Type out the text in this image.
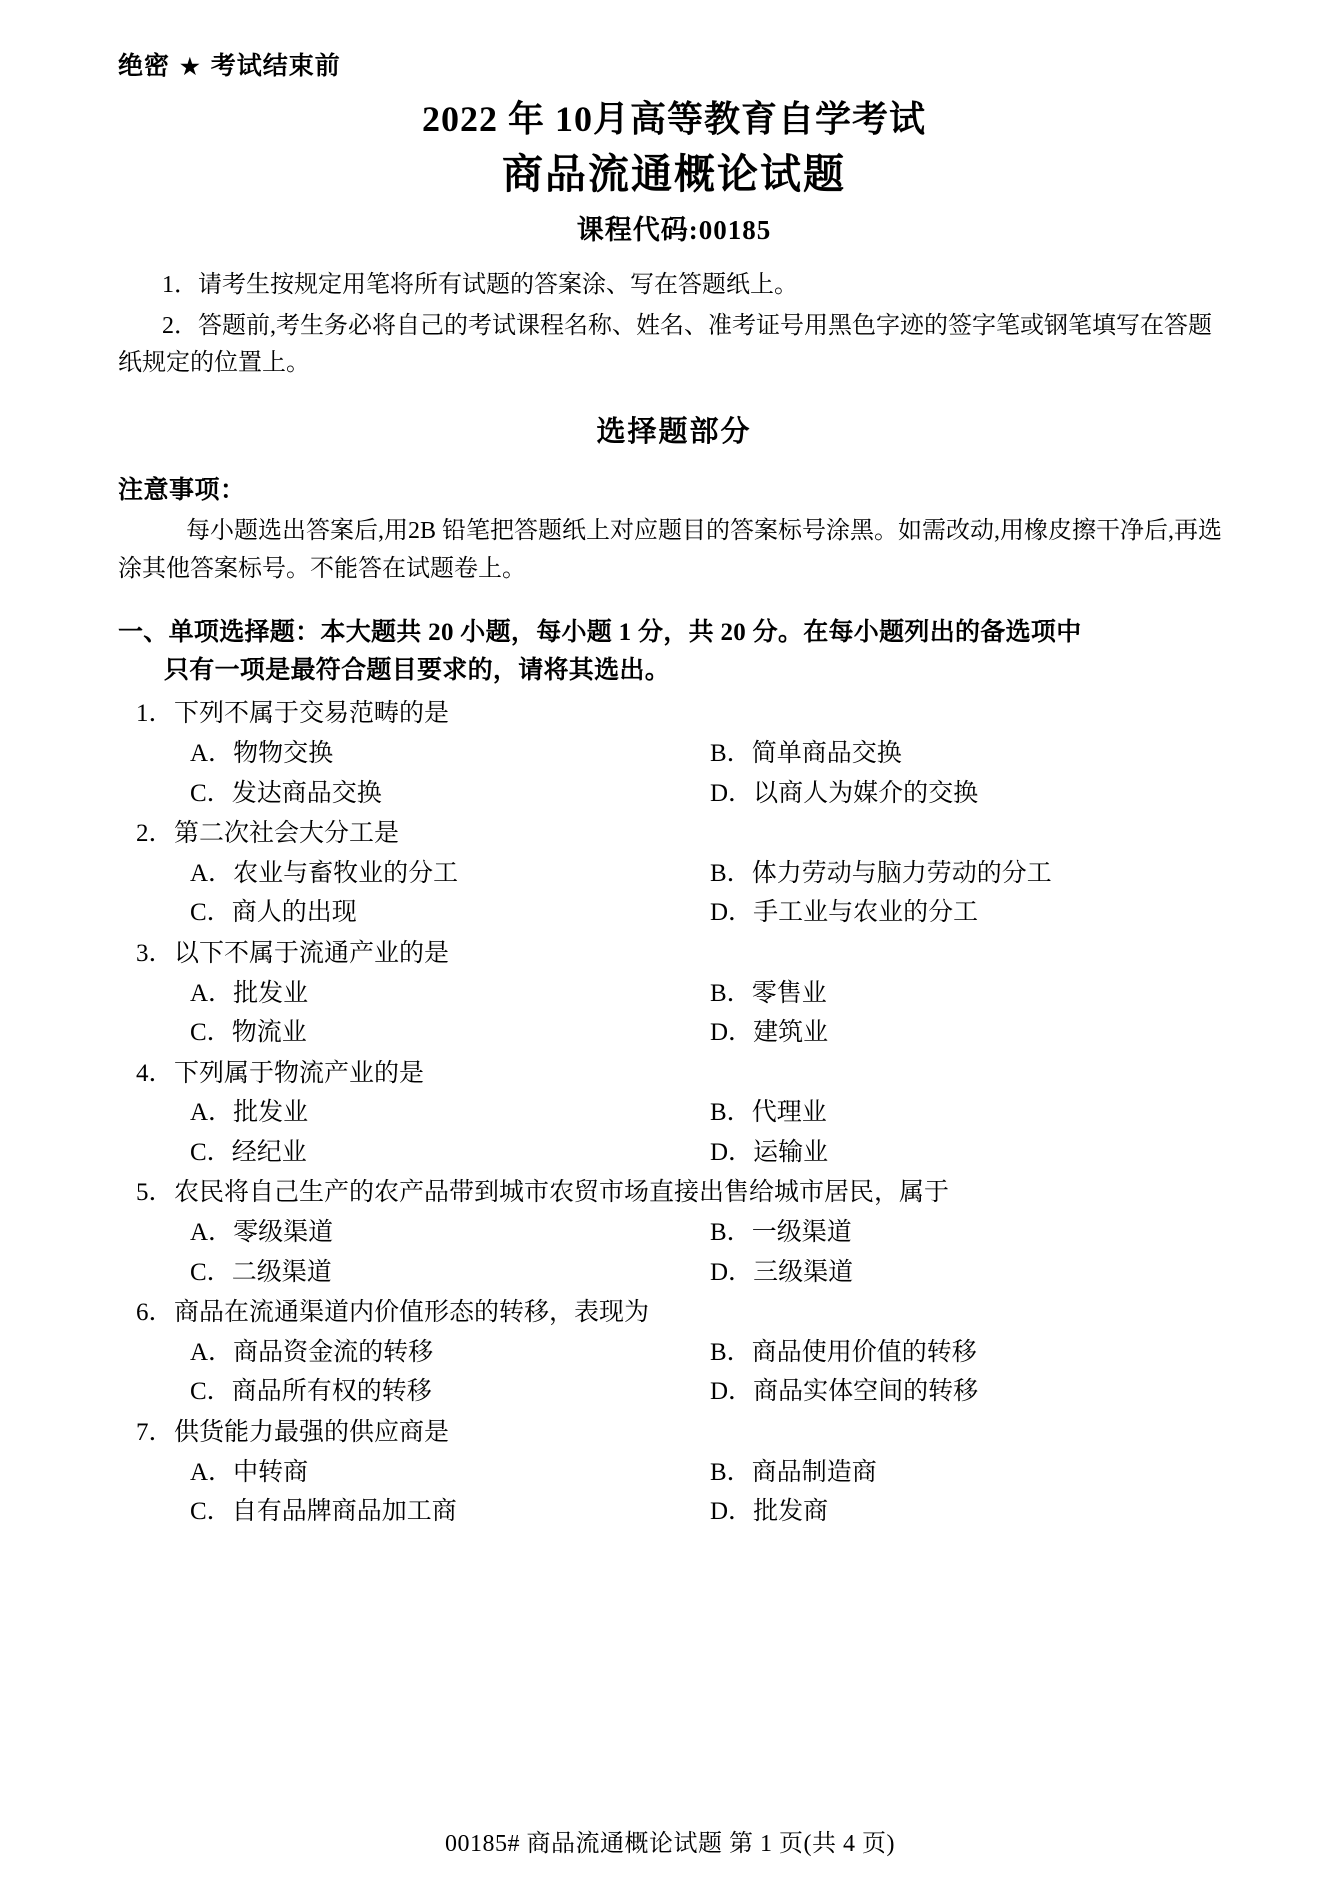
绝密 ★ 考试结束前
2022 年 10月高等教育自学考试
商品流通概论试题
课程代码:00185
1．请考生按规定用笔将所有试题的答案涂、写在答题纸上。
2．答题前,考生务必将自己的考试课程名称、姓名、准考证号用黑色字迹的签字笔或钢笔填写在答题纸规定的位置上。
选择题部分
注意事项：
每小题选出答案后,用2B 铅笔把答题纸上对应题目的答案标号涂黑。如需改动,用橡皮擦干净后,再选涂其他答案标号。不能答在试题卷上。
一、单项选择题：本大题共 20 小题，每小题 1 分，共 20 分。在每小题列出的备选项中
只有一项是最符合题目要求的，请将其选出。
1．下列不属于交易范畴的是
A．物物交换	B．简单商品交换
C．发达商品交换	D．以商人为媒介的交换
2．第二次社会大分工是
A．农业与畜牧业的分工	B．体力劳动与脑力劳动的分工
C．商人的出现	D．手工业与农业的分工
3．以下不属于流通产业的是
A．批发业	B．零售业
C．物流业	D．建筑业
4．下列属于物流产业的是
A．批发业	B．代理业
C．经纪业	D．运输业
5．农民将自己生产的农产品带到城市农贸市场直接出售给城市居民，属于
A．零级渠道	B．一级渠道
C．二级渠道	D．三级渠道
6．商品在流通渠道内价值形态的转移，表现为
A．商品资金流的转移	B．商品使用价值的转移
C．商品所有权的转移	D．商品实体空间的转移
7．供货能力最强的供应商是
A．中转商	B．商品制造商
C．自有品牌商品加工商	D．批发商
00185# 商品流通概论试题 第 1 页(共 4 页)
